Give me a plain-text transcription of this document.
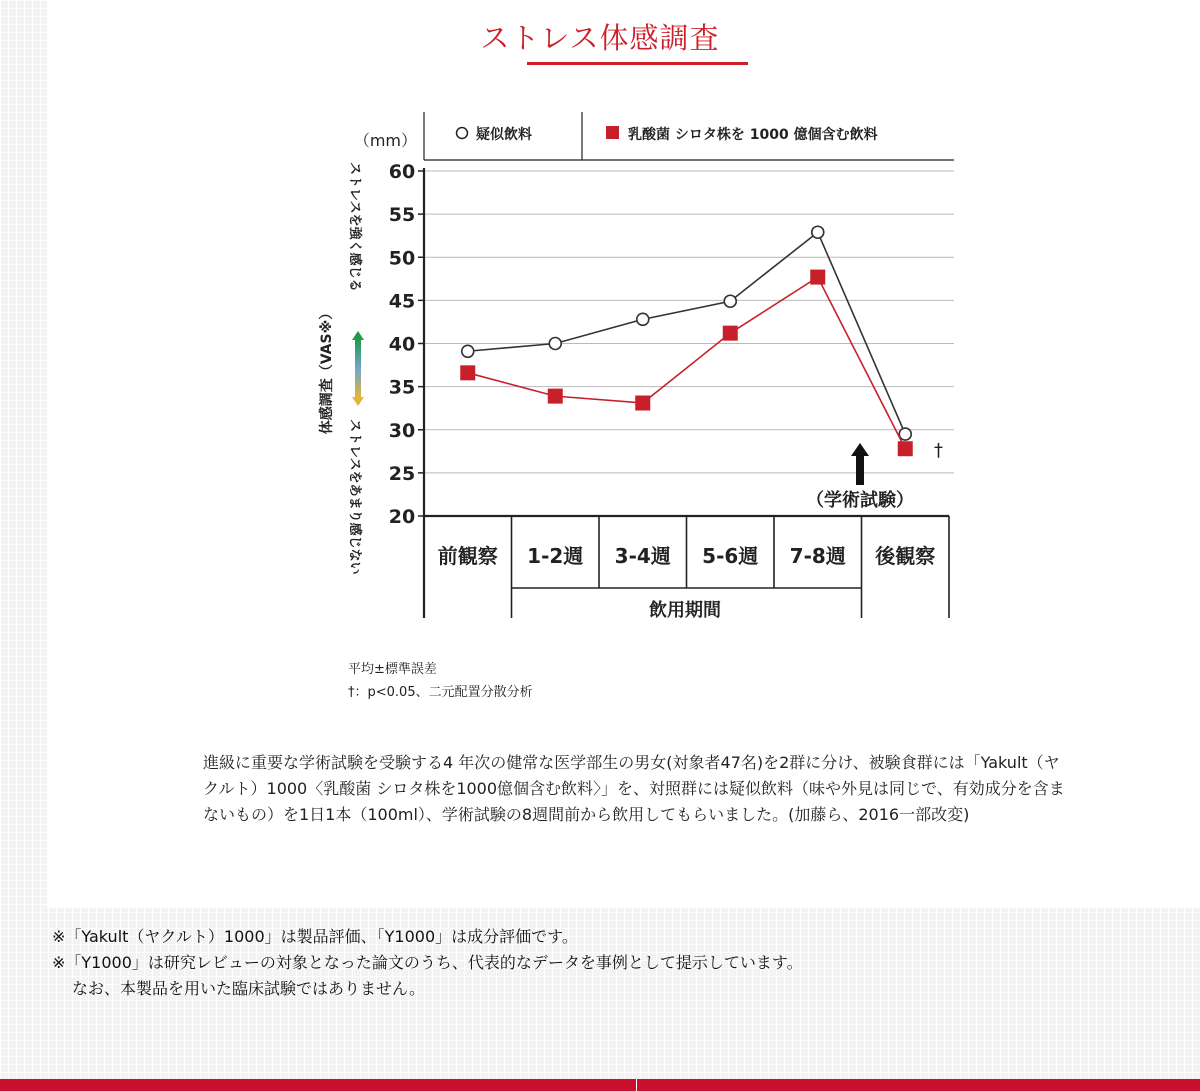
ストレス体感調査
疑似飲料	乳酸菌 シロタ株を 1000 億個含む飲料
（mm）
体感調査（VAS※）
ストレスを強く感じる
ストレスをあまり感じない 20
25
30
35
40
45
50
55
60
前観察 1-2週 3-4週 5-6週 7-8週 後観察
（学術試験）
†
飲用期間
平均±標準誤差
†：p<0.05、二元配置分散分析
進級に重要な学術試験を受験する4 年次の健常な医学部生の男女(対象者47名)を2群に分け、被験食群には「Yakult（ヤクルト）1000〈乳酸菌 シロタ株を1000億個含む飲料〉」を、対照群には疑似飲料（味や外見は同じで、有効成分を含まないもの）を1日1本（100ml）、学術試験の8週間前から飲用してもらいました。(加藤ら、2016一部改変)
※「Yakult（ヤクルト）1000」は製品評価、「Y1000」は成分評価です。
※「Y1000」は研究レビューの対象となった論文のうち、代表的なデータを事例として提示しています。
なお、本製品を用いた臨床試験ではありません。
